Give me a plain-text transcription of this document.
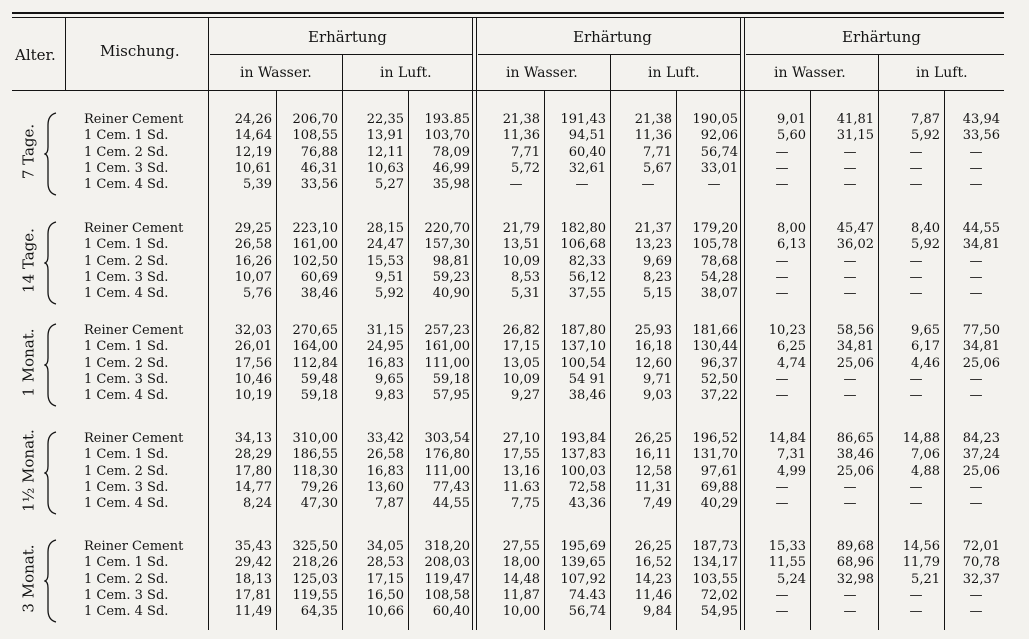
Alter.	Mischung.
Erhärtung	Erhärtung	Erhärtung
in Wasser.	in Luft.	in Wasser.	in Luft.	in Wasser.	in Luft.
7 Tage.
Reiner Cement	24,26	206,70	22,35	193.85	21,38	191,43	21,38	190,05	9,01	41,81	7,87	43,94
1 Cem. 1 Sd.	14,64	108,55	13,91	103,70	11,36	94,51	11,36	92,06	5,60	31,15	5,92	33,56
1 Cem. 2 Sd.	12,19	76,88	12,11	78,09	7,71	60,40	7,71	56,74	—	—	—	—
1 Cem. 3 Sd.	10,61	46,31	10,63	46,99	5,72	32,61	5,67	33,01	—	—	—	—
1 Cem. 4 Sd.	5,39	33,56	5,27	35,98	—	—	—	—	—	—	—	—
14 Tage.	Reiner Cement	29,25	223,10	28,15	220,70	21,79	182,80	21,37	179,20	8,00	45,47	8,40	44,55
1 Cem. 1 Sd.	26,58	161,00	24,47	157,30	13,51	106,68	13,23	105,78	6,13	36,02	5,92	34,81
1 Cem. 2 Sd.	16,26	102,50	15,53	98,81	10,09	82,33	9,69	78,68	—	—	—	—
1 Cem. 3 Sd.	10,07	60,69	9,51	59,23	8,53	56,12	8,23	54,28	—	—	—	—
1 Cem. 4 Sd.	5,76	38,46	5,92	40,90	5,31	37,55	5,15	38,07	—	—	—	—
1 Monat.	Reiner Cement	32,03	270,65	31,15	257,23	26,82	187,80	25,93	181,66	10,23	58,56	9,65	77,50
1 Cem. 1 Sd.	26,01	164,00	24,95	161,00	17,15	137,10	16,18	130,44	6,25	34,81	6,17	34,81
1 Cem. 2 Sd.	17,56	112,84	16,83	111,00	13,05	100,54	12,60	96,37	4,74	25,06	4,46	25,06
1 Cem. 3 Sd.	10,46	59,48	9,65	59,18	10,09	54 91	9,71	52,50	—	—	—	—
1 Cem. 4 Sd.	10,19	59,18	9,83	57,95	9,27	38,46	9,03	37,22	—	—	—	—
1½ Monat.	Reiner Cement	34,13	310,00	33,42	303,54	27,10	193,84	26,25	196,52	14,84	86,65	14,88	84,23
1 Cem. 1 Sd.	28,29	186,55	26,58	176,80	17,55	137,83	16,11	131,70	7,31	38,46	7,06	37,24
1 Cem. 2 Sd.	17,80	118,30	16,83	111,00	13,16	100,03	12,58	97,61	4,99	25,06	4,88	25,06
1 Cem. 3 Sd.	14,77	79,26	13,60	77,43	11.63	72,58	11,31	69,88	—	—	—	—
1 Cem. 4 Sd.	8,24	47,30	7,87	44,55	7,75	43,36	7,49	40,29	—	—	—	—
3 Monat.	Reiner Cement	35,43	325,50	34,05	318,20	27,55	195,69	26,25	187,73	15,33	89,68	14,56	72,01
1 Cem. 1 Sd.	29,42	218,26	28,53	208,03	18,00	139,65	16,52	134,17	11,55	68,96	11,79	70,78
1 Cem. 2 Sd.	18,13	125,03	17,15	119,47	14,48	107,92	14,23	103,55	5,24	32,98	5,21	32,37
1 Cem. 3 Sd.	17,81	119,55	16,50	108,58	11,87	74.43	11,46	72,02	—	—	—	—
1 Cem. 4 Sd.	11,49	64,35	10,66	60,40	10,00	56,74	9,84	54,95	—	—	—	—
